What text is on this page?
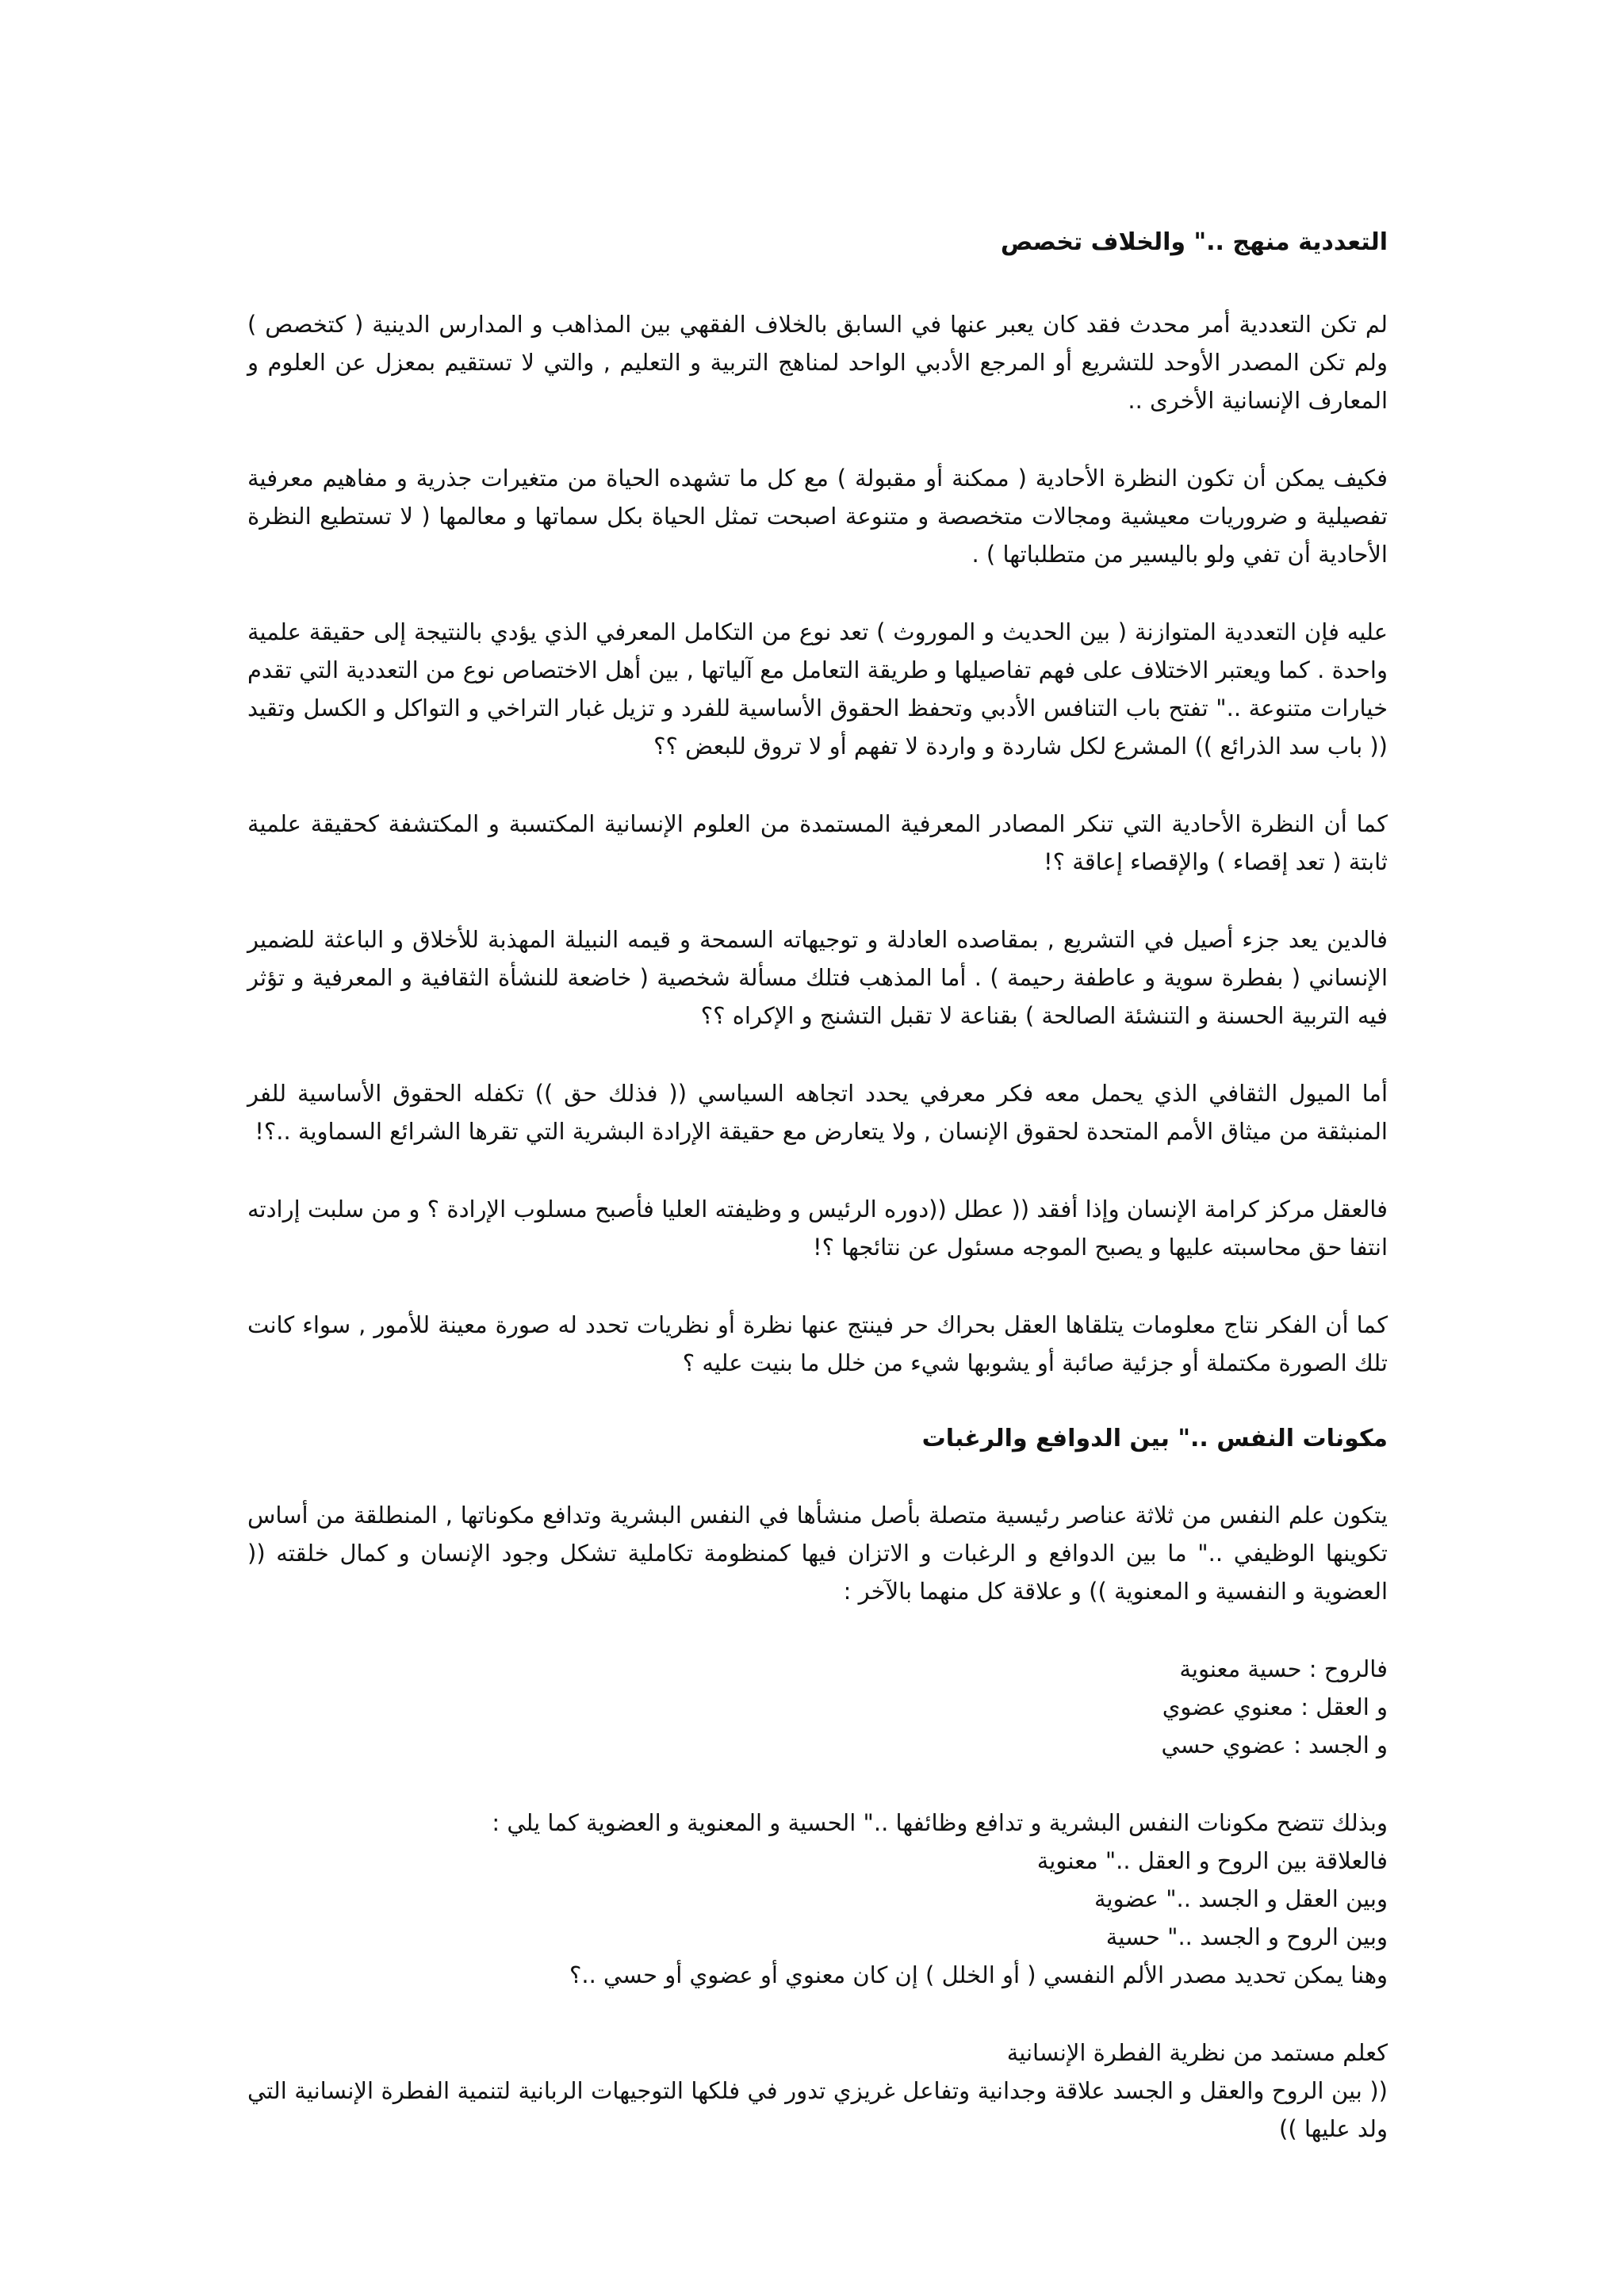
التعددية منهج .." والخلاف تخصص

لم تكن التعددية أمر محدث فقد كان يعبر عنها في السابق بالخلاف الفقهي بين المذاهب و المدارس الدينية ( كتخصص ) ولم تكن المصدر الأوحد للتشريع أو المرجع الأدبي الواحد لمناهج التربية و التعليم , والتي لا تستقيم بمعزل عن العلوم و المعارف الإنسانية الأخرى ..

فكيف يمكن أن تكون النظرة الأحادية ( ممكنة أو مقبولة ) مع كل ما تشهده الحياة من متغيرات جذرية و مفاهيم معرفية تفصيلية و ضروريات معيشية ومجالات متخصصة و متنوعة اصبحت تمثل الحياة بكل سماتها و معالمها ( لا تستطيع النظرة الأحادية أن تفي ولو باليسير من متطلباتها ) .

عليه فإن التعددية المتوازنة ( بين الحديث و الموروث ) تعد نوع من التكامل المعرفي الذي يؤدي بالنتيجة إلى حقيقة علمية واحدة . كما ويعتبر الاختلاف على فهم تفاصيلها و طريقة التعامل مع آلياتها , بين أهل الاختصاص نوع من التعددية التي تقدم خيارات متنوعة .." تفتح باب التنافس الأدبي وتحفظ الحقوق الأساسية للفرد و تزيل غبار التراخي و التواكل و الكسل وتقيد (( باب سد الذرائع )) المشرع لكل شاردة و واردة لا تفهم أو لا تروق للبعض ؟؟

كما أن النظرة الأحادية التي تنكر المصادر المعرفية المستمدة من العلوم الإنسانية المكتسبة و المكتشفة كحقيقة علمية ثابتة ( تعد إقصاء ) والإقصاء إعاقة ؟!

فالدين يعد جزء أصيل في التشريع , بمقاصده العادلة و توجيهاته السمحة و قيمه النبيلة المهذبة للأخلاق و الباعثة للضمير الإنساني ( بفطرة سوية و عاطفة رحيمة ) . أما المذهب فتلك مسألة شخصية ( خاضعة للنشأة الثقافية و المعرفية و تؤثر فيه التربية الحسنة و التنشئة الصالحة ) بقناعة لا تقبل التشنج و الإكراه ؟؟

أما الميول الثقافي الذي يحمل معه فكر معرفي يحدد اتجاهه السياسي (( فذلك حق )) تكفله الحقوق الأساسية للفر المنبثقة من ميثاق الأمم المتحدة لحقوق الإنسان , ولا يتعارض مع حقيقة الإرادة البشرية التي تقرها الشرائع السماوية ..؟!

فالعقل مركز كرامة الإنسان وإذا أفقد (( عطل ((دوره الرئيس و وظيفته العليا فأصبح مسلوب الإرادة ؟ و من سلبت إرادته انتفا حق محاسبته عليها و يصبح الموجه مسئول عن نتائجها ؟!

كما أن الفكر نتاج معلومات يتلقاها العقل بحراك حر فينتج عنها نظرة أو نظريات تحدد له صورة معينة للأمور , سواء كانت تلك الصورة مكتملة أو جزئية صائبة أو يشوبها شيء من خلل ما بنيت عليه ؟

مكونات النفس .." بين الدوافع والرغبات

يتكون علم النفس من ثلاثة عناصر رئيسية متصلة بأصل منشأها في النفس البشرية وتدافع مكوناتها , المنطلقة من أساس تكوينها الوظيفي .." ما بين الدوافع و الرغبات و الاتزان فيها كمنظومة تكاملية تشكل وجود الإنسان و كمال خلقته (( العضوية و النفسية و المعنوية )) و علاقة كل منهما بالآخر :

فالروح : حسية معنوية
و العقل : معنوي عضوي
و الجسد : عضوي حسي
وبذلك تتضح مكونات النفس البشرية و تدافع وظائفها .." الحسية و المعنوية و العضوية كما يلي :
فالعلاقة بين الروح و العقل .." معنوية
وبين العقل و الجسد .." عضوية
وبين الروح و الجسد .." حسية
وهنا يمكن تحديد مصدر الألم النفسي ( أو الخلل ) إن كان معنوي أو عضوي أو حسي ..؟

كعلم مستمد من نظرية الفطرة الإنسانية

(( بين الروح والعقل و الجسد علاقة وجدانية وتفاعل غريزي تدور في فلكها التوجيهات الربانية لتنمية الفطرة الإنسانية التي ولد عليها ))
